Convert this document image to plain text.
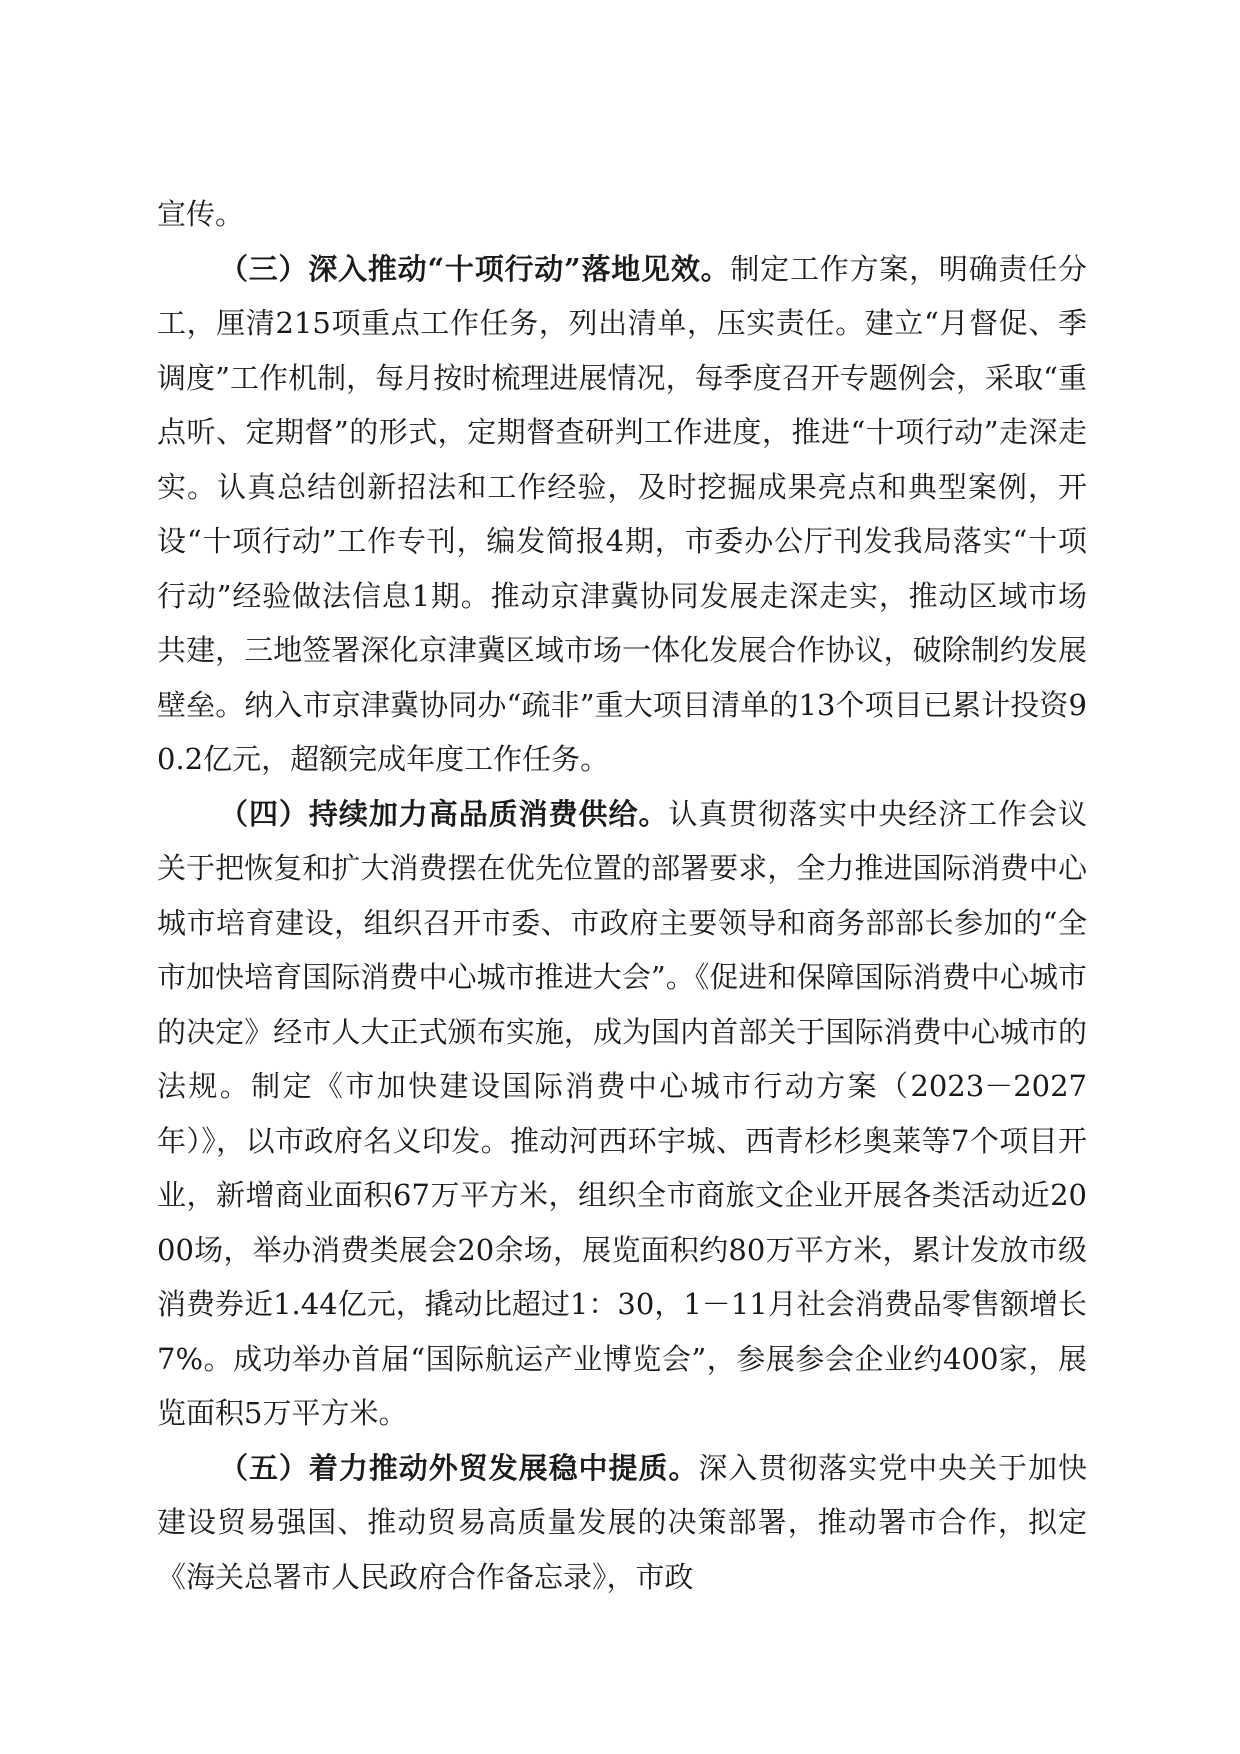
宣传。

（三）深入推动“十项行动”落地见效。制定工作方案，明确责任分工，厘清215项重点工作任务，列出清单，压实责任。建立“月督促、季调度”工作机制，每月按时梳理进展情况，每季度召开专题例会，采取“重点听、定期督”的形式，定期督查研判工作进度，推进“十项行动”走深走实。认真总结创新招法和工作经验，及时挖掘成果亮点和典型案例，开设“十项行动”工作专刊，编发简报4期，市委办公厅刊发我局落实“十项行动”经验做法信息1期。推动京津冀协同发展走深走实，推动区域市场共建，三地签署深化京津冀区域市场一体化发展合作协议，破除制约发展壁垒。纳入市京津冀协同办“疏非”重大项目清单的13个项目已累计投资90.2亿元，超额完成年度工作任务。

（四）持续加力高品质消费供给。认真贯彻落实中央经济工作会议关于把恢复和扩大消费摆在优先位置的部署要求，全力推进国际消费中心城市培育建设，组织召开市委、市政府主要领导和商务部部长参加的“全市加快培育国际消费中心城市推进大会”。《促进和保障国际消费中心城市的决定》经市人大正式颁布实施，成为国内首部关于国际消费中心城市的法规。制定《市加快建设国际消费中心城市行动方案（2023－2027年）》，以市政府名义印发。推动河西环宇城、西青杉杉奥莱等7个项目开业，新增商业面积67万平方米，组织全市商旅文企业开展各类活动近2000场，举办消费类展会20余场，展览面积约80万平方米，累计发放市级消费券近1.44亿元，撬动比超过1：30，1－11月社会消费品零售额增长7%。成功举办首届“国际航运产业博览会”，参展参会企业约400家，展览面积5万平方米。

（五）着力推动外贸发展稳中提质。深入贯彻落实党中央关于加快建设贸易强国、推动贸易高质量发展的决策部署，推动署市合作，拟定《海关总署市人民政府合作备忘录》，市政
